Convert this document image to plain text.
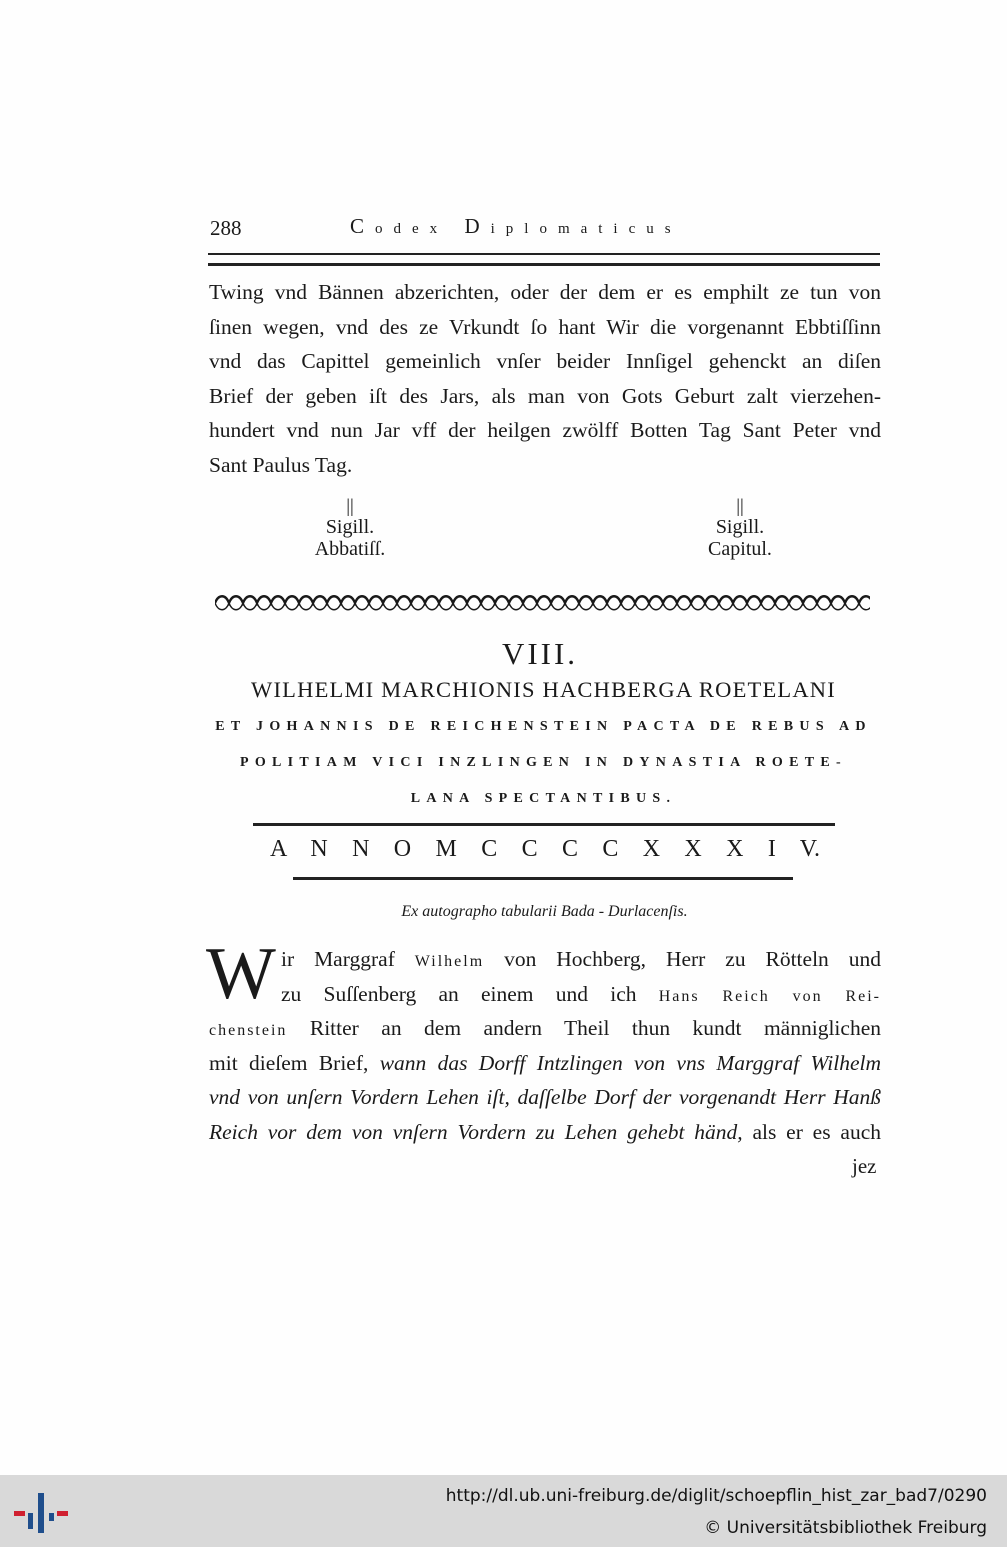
288	Codex Diplomaticus
Twing vnd Bännen abzerichten, oder der dem er es emphilt ze tun von
ſinen wegen, vnd des ze Vrkundt ſo hant Wir die vorgenannt Ebbtiſſinn
vnd das Capittel gemeinlich vnſer beider Innſigel gehenckt an diſen
Brief der geben iſt des Jars, als man von Gots Geburt zalt vierzehen-
hundert vnd nun Jar vff der heilgen zwölff Botten Tag Sant Peter vnd
Sant Paulus Tag.
||
Sigill.
Abbatiſſ.
||
Sigill.
Capitul.
VIII.
WILHELMI MARCHIONIS HACHBERGA ROETELANI
ET JOHANNIS DE REICHENSTEIN PACTA DE REBUS AD
POLITIAM VICI INZLINGEN IN DYNASTIA ROETE-
LANA SPECTANTIBUS.
A N N O M C C C C X X X I V.
Ex autographo tabularii Bada - Durlacenſis.
W ir Marggraf Wilhelm von Hochberg, Herr zu Rötteln und
zu Suſſenberg an einem und ich Hans Reich von Rei-
chenstein Ritter an dem andern Theil thun kundt männiglichen
mit dieſem Brief, wann das Dorff Intzlingen von vns Marggraf Wilhelm
vnd von unſern Vordern Lehen iſt, daſſelbe Dorf der vorgenandt Herr Hanß
Reich vor dem von vnſern Vordern zu Lehen gehebt händ, als er es auch
jez
http://dl.ub.uni-freiburg.de/diglit/schoepflin_hist_zar_bad7/0290
© Universitätsbibliothek Freiburg
